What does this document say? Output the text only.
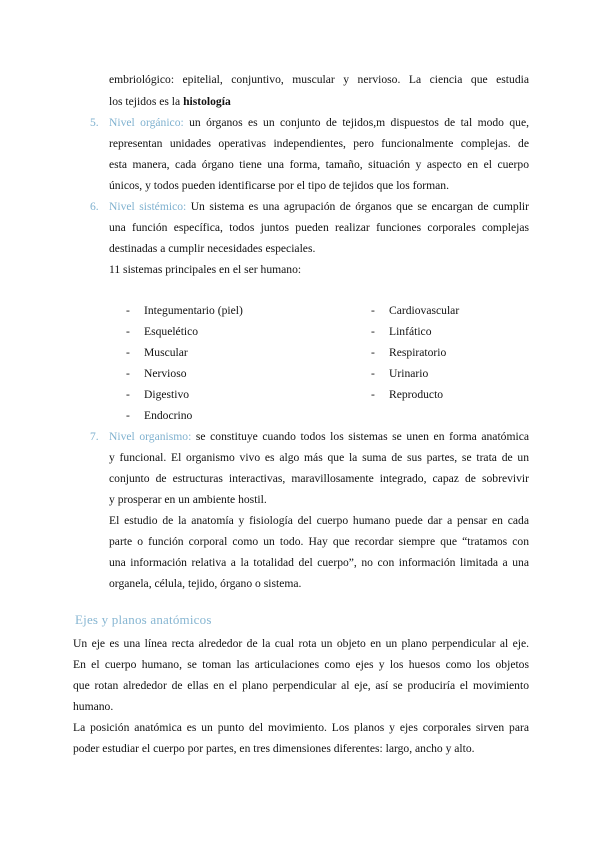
embriológico: epitelial, conjuntivo, muscular y nervioso. La ciencia que estudia
los tejidos es la histología
5. Nivel orgánico: un órganos es un conjunto de tejidos,m dispuestos de tal modo que,
representan unidades operativas independientes, pero funcionalmente complejas. de
esta manera, cada órgano tiene una forma, tamaño, situación y aspecto en el cuerpo
únicos, y todos pueden identificarse por el tipo de tejidos que los forman.
6. Nivel sistémico: Un sistema es una agrupación de órganos que se encargan de cumplir
una función específica, todos juntos pueden realizar funciones corporales complejas
destinadas a cumplir necesidades especiales.
11 sistemas principales en el ser humano:
- Integumentario (piel)
- Esquelético
- Muscular
- Nervioso
- Digestivo
- Endocrino
- Cardiovascular
- Linfático
- Respiratorio
- Urinario
- Reproducto
7. Nivel organismo: se constituye cuando todos los sistemas se unen en forma anatómica
y funcional. El organismo vivo es algo más que la suma de sus partes, se trata de un
conjunto de estructuras interactivas, maravillosamente integrado, capaz de sobrevivir
y prosperar en un ambiente hostil.
El estudio de la anatomía y fisiología del cuerpo humano puede dar a pensar en cada
parte o función corporal como un todo. Hay que recordar siempre que “tratamos con
una información relativa a la totalidad del cuerpo”, no con información limitada a una
organela, célula, tejido, órgano o sistema.
Ejes y planos anatómicos
Un eje es una línea recta alrededor de la cual rota un objeto en un plano perpendicular al eje.
En el cuerpo humano, se toman las articulaciones como ejes y los huesos como los objetos
que rotan alrededor de ellas en el plano perpendicular al eje, así se produciría el movimiento
humano.
La posición anatómica es un punto del movimiento. Los planos y ejes corporales sirven para
poder estudiar el cuerpo por partes, en tres dimensiones diferentes: largo, ancho y alto.
